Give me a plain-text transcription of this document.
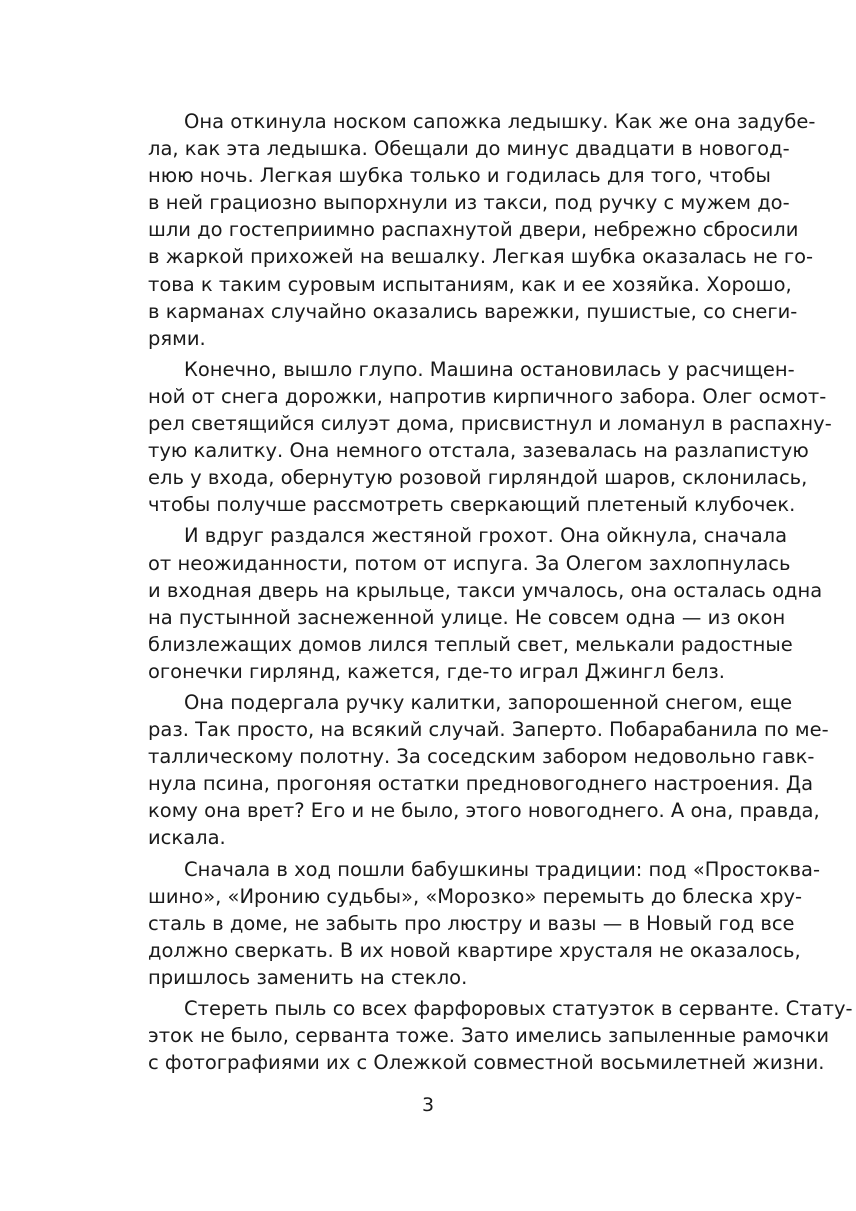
Она откинула носком сапожка ледышку. Как же она задубе-
ла, как эта ледышка. Обещали до минус двадцати в новогод-
нюю ночь. Легкая шубка только и годилась для того, чтобы
в ней грациозно выпорхнули из такси, под ручку с мужем до-
шли до гостеприимно распахнутой двери, небрежно сбросили
в жаркой прихожей на вешалку. Легкая шубка оказалась не го-
това к таким суровым испытаниям, как и ее хозяйка. Хорошо,
в карманах случайно оказались варежки, пушистые, со снеги-
рями.
Конечно, вышло глупо. Машина остановилась у расчищен-
ной от снега дорожки, напротив кирпичного забора. Олег осмот-
рел светящийся силуэт дома, присвистнул и ломанул в распахну-
тую калитку. Она немного отстала, зазевалась на разлапистую
ель у входа, обернутую розовой гирляндой шаров, склонилась,
чтобы получше рассмотреть сверкающий плетеный клубочек.
И вдруг раздался жестяной грохот. Она ойкнула, сначала
от неожиданности, потом от испуга. За Олегом захлопнулась
и входная дверь на крыльце, такси умчалось, она осталась одна
на пустынной заснеженной улице. Не совсем одна — из окон
близлежащих домов лился теплый свет, мелькали радостные
огонечки гирлянд, кажется, где-то играл Джингл белз.
Она подергала ручку калитки, запорошенной снегом, еще
раз. Так просто, на всякий случай. Заперто. Побарабанила по ме-
таллическому полотну. За соседским забором недовольно гавк-
нула псина, прогоняя остатки предновогоднего настроения. Да
кому она врет? Его и не было, этого новогоднего. А она, правда,
искала.
Сначала в ход пошли бабушкины традиции: под «Простоква-
шино», «Иронию судьбы», «Морозко» перемыть до блеска хру-
сталь в доме, не забыть про люстру и вазы — в Новый год все
должно сверкать. В их новой квартире хрусталя не оказалось,
пришлось заменить на стекло.
Стереть пыль со всех фарфоровых статуэток в серванте. Стату-
эток не было, серванта тоже. Зато имелись запыленные рамочки
с фотографиями их с Олежкой совместной восьмилетней жизни.
3
